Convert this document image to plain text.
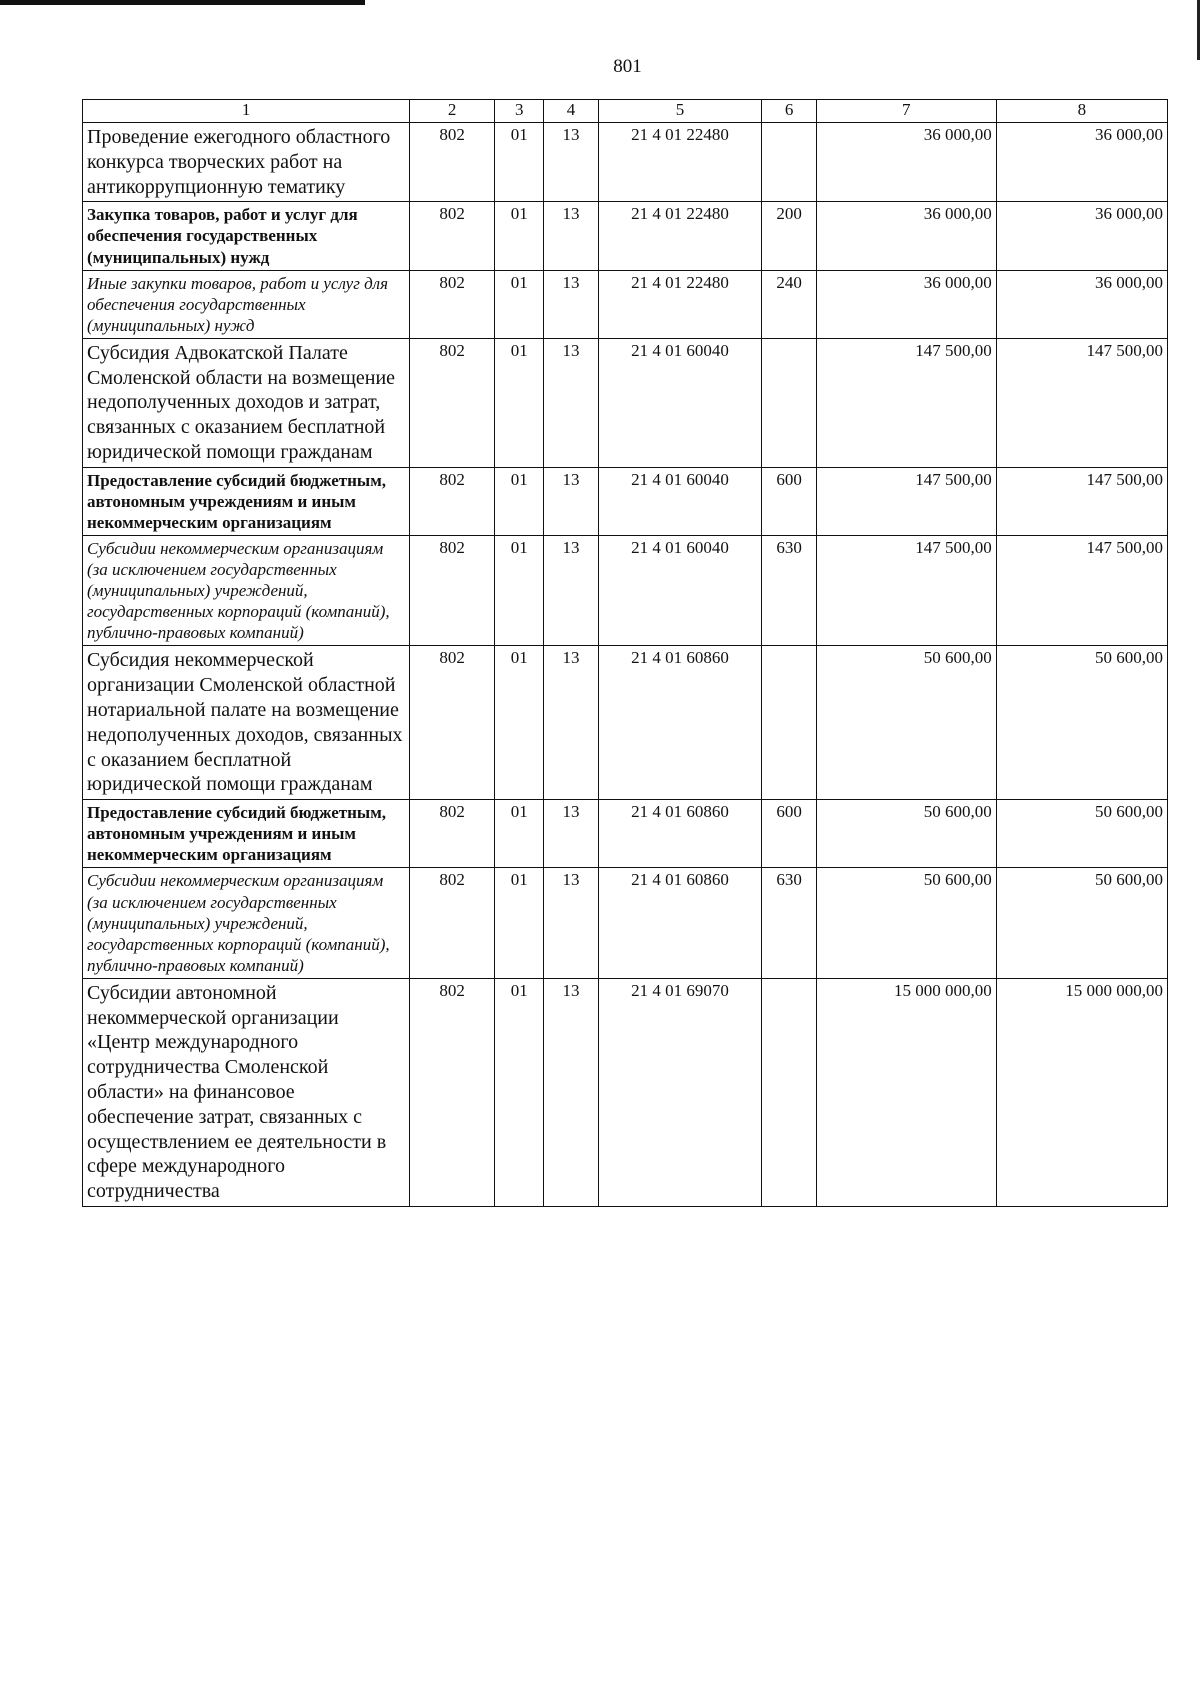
801
1	2	3	4	5	6	7	8
Проведение ежегодного областного конкурса творческих работ на антикоррупционную тематику	802	01	13	21 4 01 22480		36 000,00	36 000,00
Закупка товаров, работ и услуг для обеспечения государственных (муниципальных) нужд	802	01	13	21 4 01 22480	200	36 000,00	36 000,00
Иные закупки товаров, работ и услуг для обеспечения государственных (муниципальных) нужд	802	01	13	21 4 01 22480	240	36 000,00	36 000,00
Субсидия Адвокатской Палате Смоленской области на возмещение недополученных доходов и затрат, связанных с оказанием бесплатной юридической помощи гражданам	802	01	13	21 4 01 60040		147 500,00	147 500,00
Предоставление субсидий бюджетным, автономным учреждениям и иным некоммерческим организациям	802	01	13	21 4 01 60040	600	147 500,00	147 500,00
Субсидии некоммерческим организациям (за исключением государственных (муниципальных) учреждений, государственных корпораций (компаний), публично-правовых компаний)	802	01	13	21 4 01 60040	630	147 500,00	147 500,00
Субсидия некоммерческой организации Смоленской областной нотариальной палате на возмещение недополученных доходов, связанных с оказанием бесплатной юридической помощи гражданам	802	01	13	21 4 01 60860		50 600,00	50 600,00
Предоставление субсидий бюджетным, автономным учреждениям и иным некоммерческим организациям	802	01	13	21 4 01 60860	600	50 600,00	50 600,00
Субсидии некоммерческим организациям (за исключением государственных (муниципальных) учреждений, государственных корпораций (компаний), публично-правовых компаний)	802	01	13	21 4 01 60860	630	50 600,00	50 600,00
Субсидии автономной некоммерческой организации «Центр международного сотрудничества Смоленской области» на финансовое обеспечение затрат, связанных с осуществлением ее деятельности в сфере международного сотрудничества	802	01	13	21 4 01 69070		15 000 000,00	15 000 000,00
